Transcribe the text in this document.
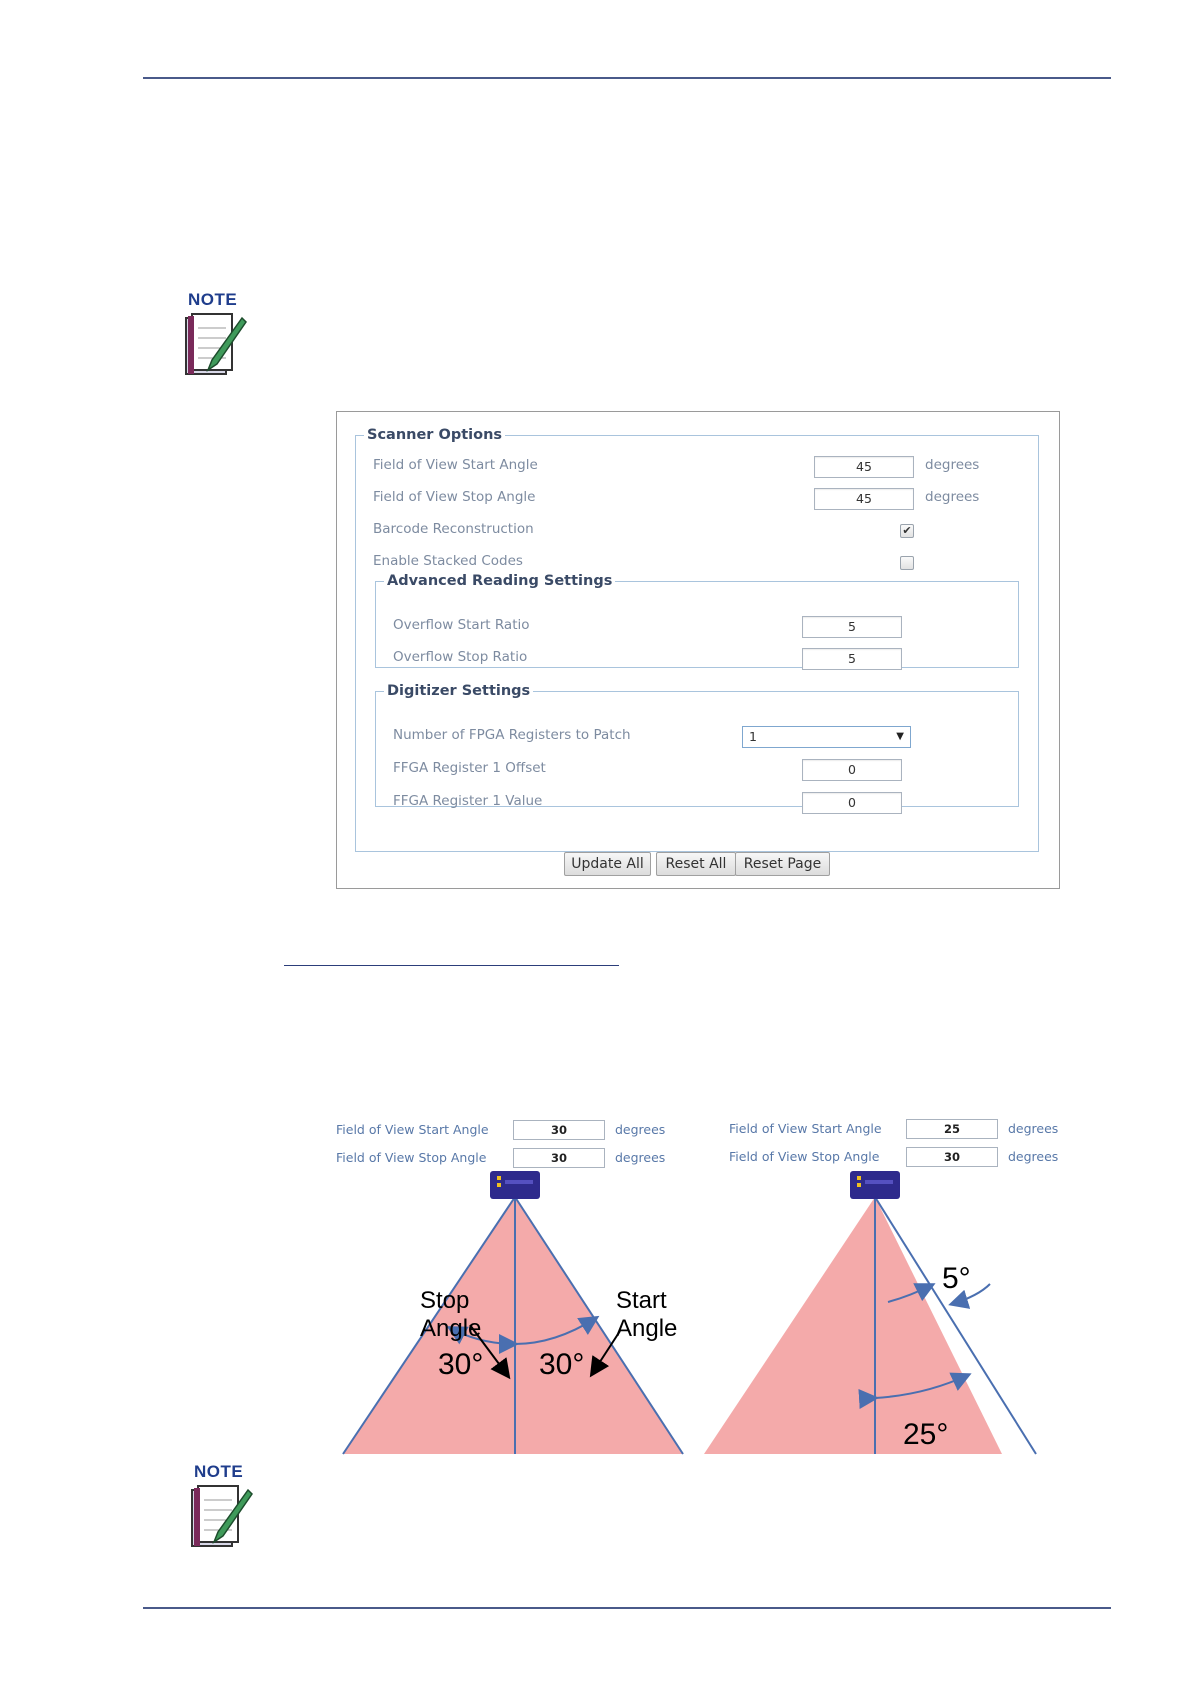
NOTE
Scanner Options
Field of View Start Angle	45	degrees
Field of View Stop Angle	45	degrees
Barcode Reconstruction	✔
Enable Stacked Codes
Advanced Reading Settings
Overflow Start Ratio	5
Overflow Stop Ratio	5
Digitizer Settings
Number of FPGA Registers to Patch	1	▼
FFGA Register 1 Offset	0
FFGA Register 1 Value	0
Update All	Reset All	Reset Page
Field of View Start Angle	30	degrees
Field of View Stop Angle	30	degrees
Field of View Start Angle	25	degrees
Field of View Stop Angle	30	degrees
Stop
Angle
Start
Angle
30° 30°
5°
25°
NOTE
